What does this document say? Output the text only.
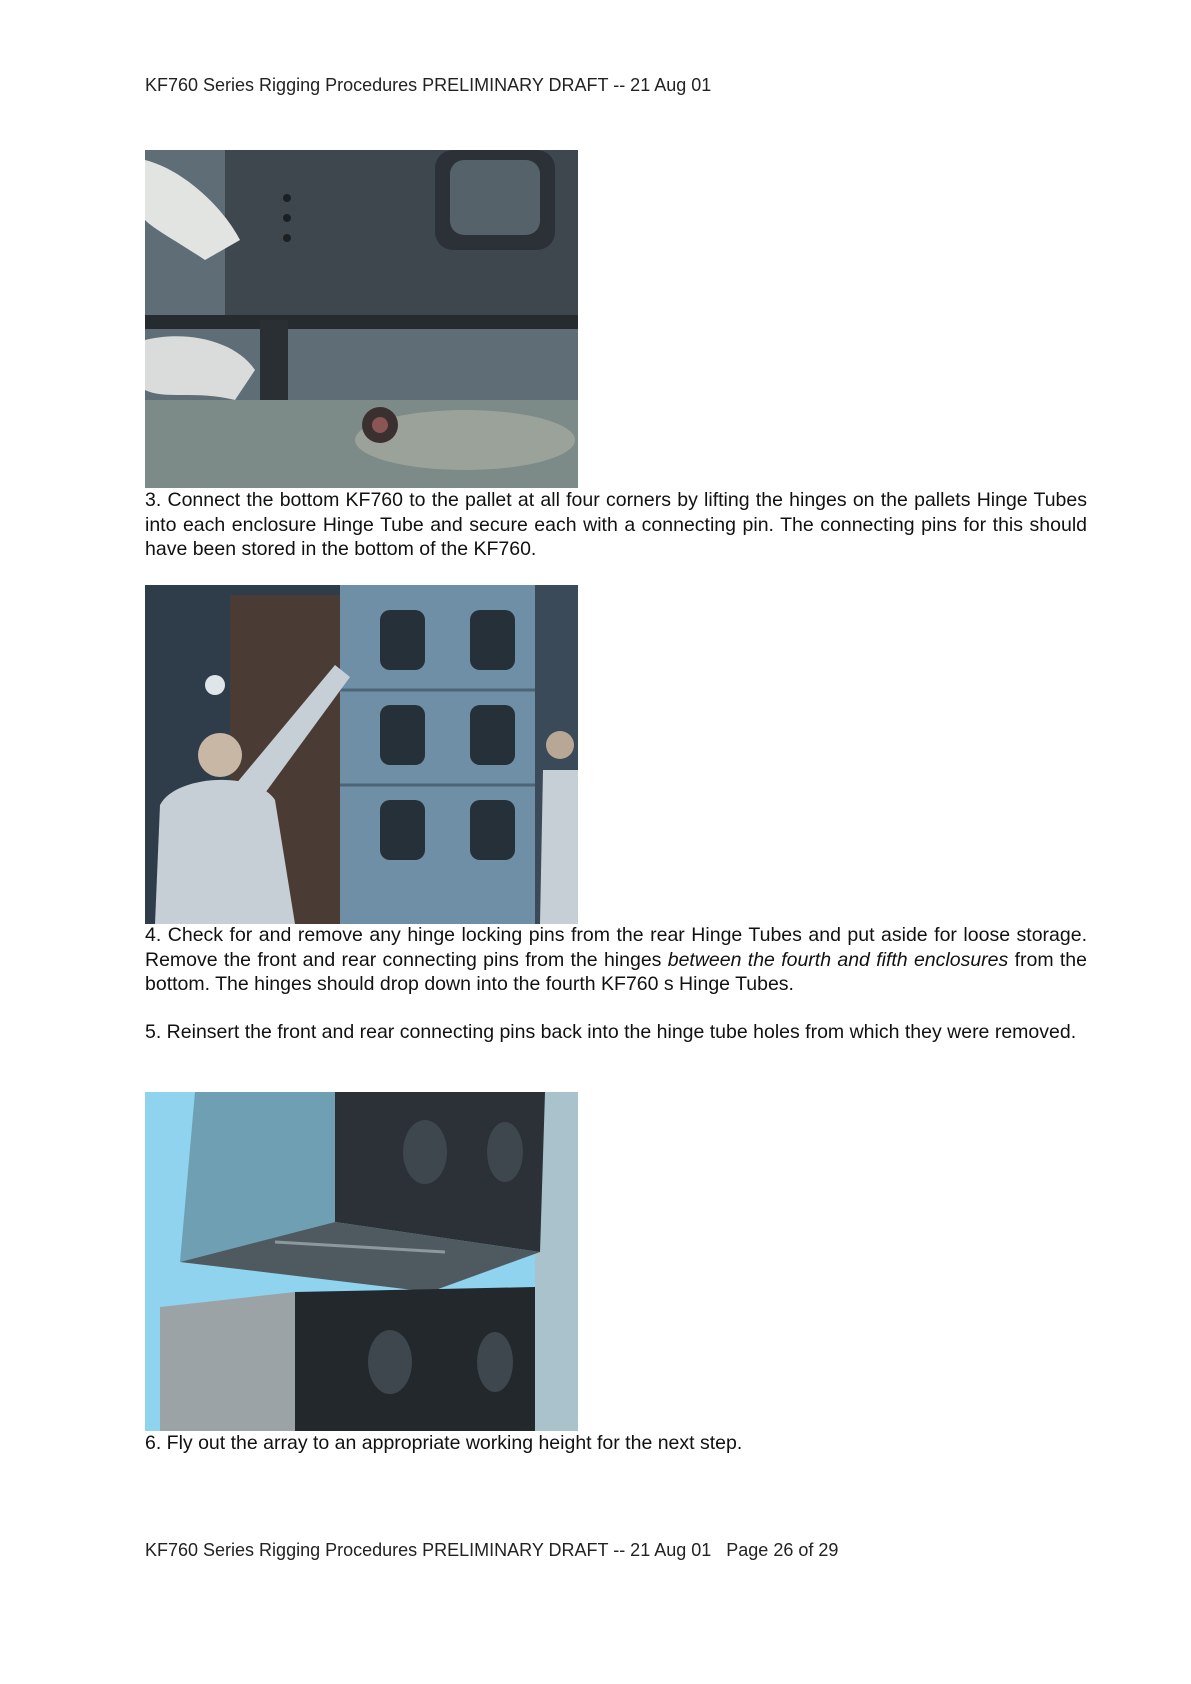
KF760 Series Rigging Procedures PRELIMINARY DRAFT -- 21 Aug 01
3. Connect the bottom KF760 to the pallet at all four corners by lifting the hinges on the pallets Hinge Tubes into each enclosure Hinge Tube and secure each with a connecting pin. The connecting pins for this should have been stored in the bottom of the KF760.
4. Check for and remove any hinge locking pins from the rear Hinge Tubes and put aside for loose storage. Remove the front and rear connecting pins from the hinges between the fourth and fifth enclosures from the bottom. The hinges should drop down into the fourth KF760 s Hinge Tubes.
5. Reinsert the front and rear connecting pins back into the hinge tube holes from which they were removed.
6. Fly out the array to an appropriate working height for the next step.
KF760 Series Rigging Procedures PRELIMINARY DRAFT -- 21 Aug 01 Page 26 of 29
